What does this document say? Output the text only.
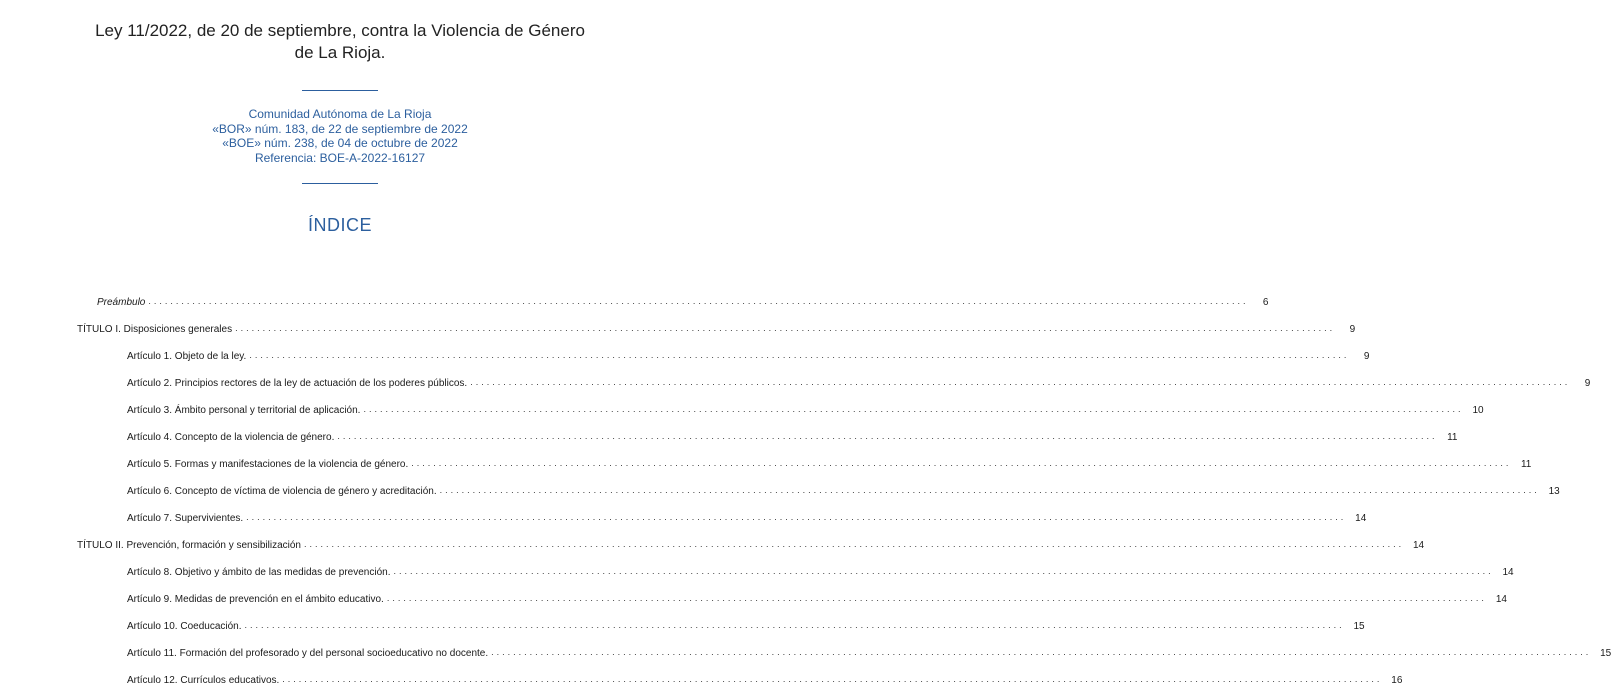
Ley 11/2022, de 20 de septiembre, contra la Violencia de Género de La Rioja.
Comunidad Autónoma de La Rioja
«BOR» núm. 183, de 22 de septiembre de 2022
«BOE» núm. 238, de 04 de octubre de 2022
Referencia: BOE-A-2022-16127
ÍNDICE
Preámbulo ........................................................................................................................................................................................................	6
TÍTULO I. Disposiciones generales ........................................................................................................................................................................................................	9
Artículo 1. Objeto de la ley. ........................................................................................................................................................................................................	9
Artículo 2. Principios rectores de la ley de actuación de los poderes públicos. ........................................................................................................................................................................................................	9
Artículo 3. Ámbito personal y territorial de aplicación. ........................................................................................................................................................................................................ 10
Artículo 4. Concepto de la violencia de género. ........................................................................................................................................................................................................ 11
Artículo 5. Formas y manifestaciones de la violencia de género. ........................................................................................................................................................................................................ 11
Artículo 6. Concepto de víctima de violencia de género y acreditación. ........................................................................................................................................................................................................ 13
Artículo 7. Supervivientes. ........................................................................................................................................................................................................ 14
TÍTULO II. Prevención, formación y sensibilización ........................................................................................................................................................................................................ 14
Artículo 8. Objetivo y ámbito de las medidas de prevención. ........................................................................................................................................................................................................ 14
Artículo 9. Medidas de prevención en el ámbito educativo. ........................................................................................................................................................................................................ 14
Artículo 10. Coeducación. ........................................................................................................................................................................................................ 15
Artículo 11. Formación del profesorado y del personal socioeducativo no docente. ........................................................................................................................................................................................................ 15
Artículo 12. Currículos educativos. ........................................................................................................................................................................................................ 16
